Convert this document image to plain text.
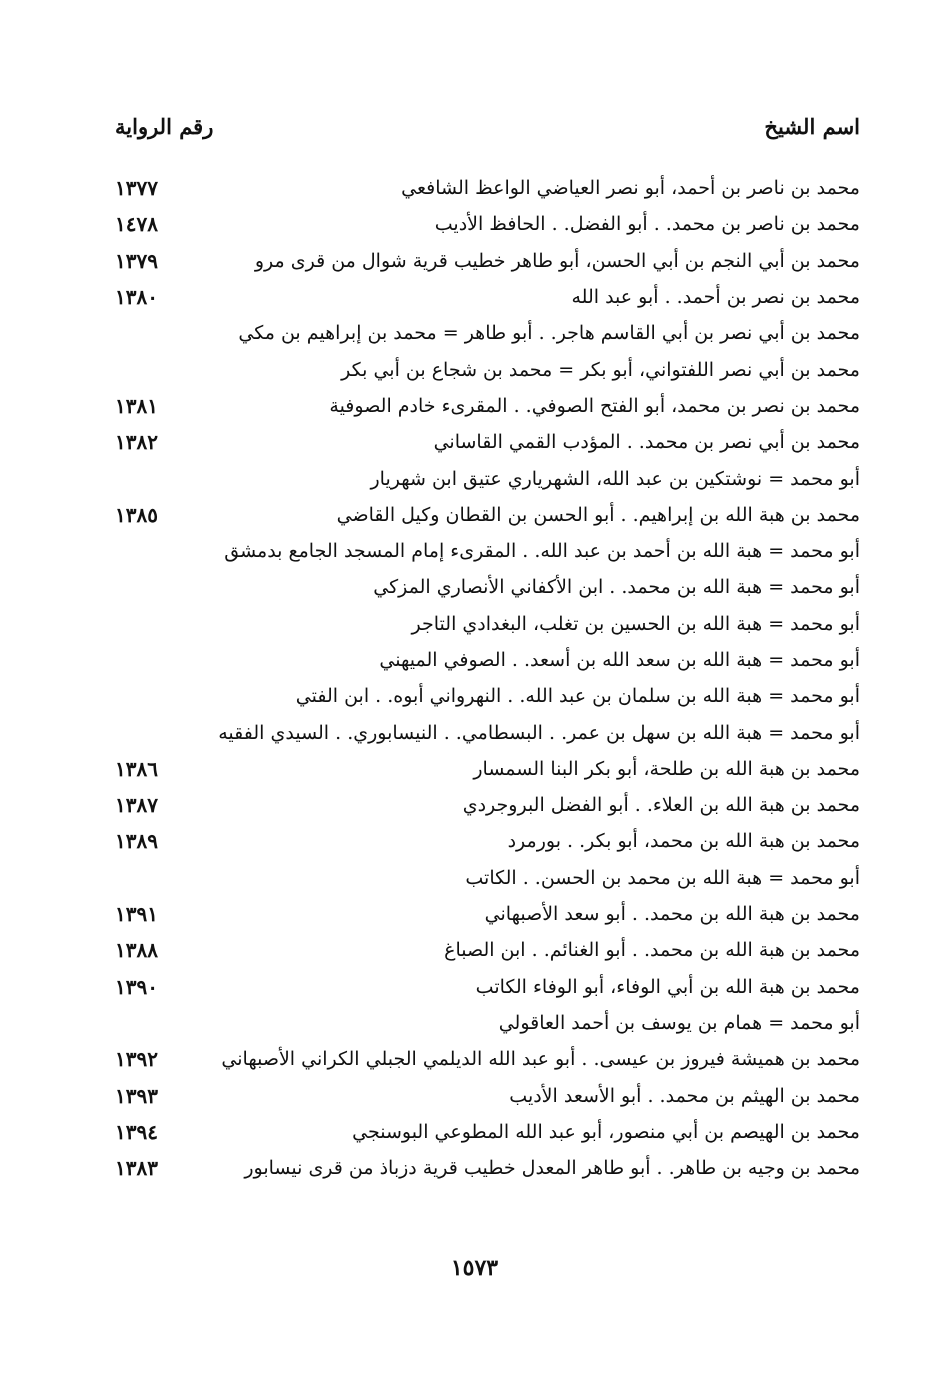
اسم الشيخ
رقم الرواية
محمد بن ناصر بن أحمد، أبو نصر العياضي الواعظ الشافعي
١٣٧٧
محمد بن ناصر بن محمد. . أبو الفضل. . الحافظ الأديب
١٤٧٨
محمد بن أبي النجم بن أبي الحسن، أبو طاهر خطيب قرية شوال من قرى مرو
١٣٧٩
محمد بن نصر بن أحمد. . أبو عبد الله
١٣٨٠
محمد بن أبي نصر بن أبي القاسم هاجر. . أبو طاهر = محمد بن إبراهيم بن مكي
محمد بن أبي نصر اللفتواني، أبو بكر = محمد بن شجاع بن أبي بكر
محمد بن نصر بن محمد، أبو الفتح الصوفي. . المقرىء خادم الصوفية
١٣٨١
محمد بن أبي نصر بن محمد. . المؤدب القمي القاساني
١٣٨٢
أبو محمد = نوشتكين بن عبد الله، الشهرياري عتيق ابن شهريار
محمد بن هبة الله بن إبراهيم. . أبو الحسن بن القطان وكيل القاضي
١٣٨٥
أبو محمد = هبة الله بن أحمد بن عبد الله. . المقرىء إمام المسجد الجامع بدمشق
أبو محمد = هبة الله بن محمد. . ابن الأكفاني الأنصاري المزكي
أبو محمد = هبة الله بن الحسين بن تغلب، البغدادي التاجر
أبو محمد = هبة الله بن سعد الله بن أسعد. . الصوفي الميهني
أبو محمد = هبة الله بن سلمان بن عبد الله. . النهرواني أبوه. . ابن الفتي
أبو محمد = هبة الله بن سهل بن عمر. . البسطامي. . النيسابوري. . السيدي الفقيه
محمد بن هبة الله بن طلحة، أبو بكر البنا السمسار
١٣٨٦
محمد بن هبة الله بن العلاء. . أبو الفضل البروجردي
١٣٨٧
محمد بن هبة الله بن محمد، أبو بكر. . بورمرد
١٣٨٩
أبو محمد = هبة الله بن محمد بن الحسن. . الكاتب
محمد بن هبة الله بن محمد. . أبو سعد الأصبهاني
١٣٩١
محمد بن هبة الله بن محمد. . أبو الغنائم. . ابن الصباغ
١٣٨٨
محمد بن هبة الله بن أبي الوفاء، أبو الوفاء الكاتب
١٣٩٠
أبو محمد = همام بن يوسف بن أحمد العاقولي
محمد بن هميشة فيروز بن عيسى. . أبو عبد الله الديلمي الجبلي الكراني الأصبهاني
١٣٩٢
محمد بن الهيثم بن محمد. . أبو الأسعد الأديب
١٣٩٣
محمد بن الهيصم بن أبي منصور، أبو عبد الله المطوعي البوسنجي
١٣٩٤
محمد بن وجيه بن طاهر. . أبو طاهر المعدل خطيب قرية دزباذ من قرى نيسابور
١٣٨٣
١٥٧٣
